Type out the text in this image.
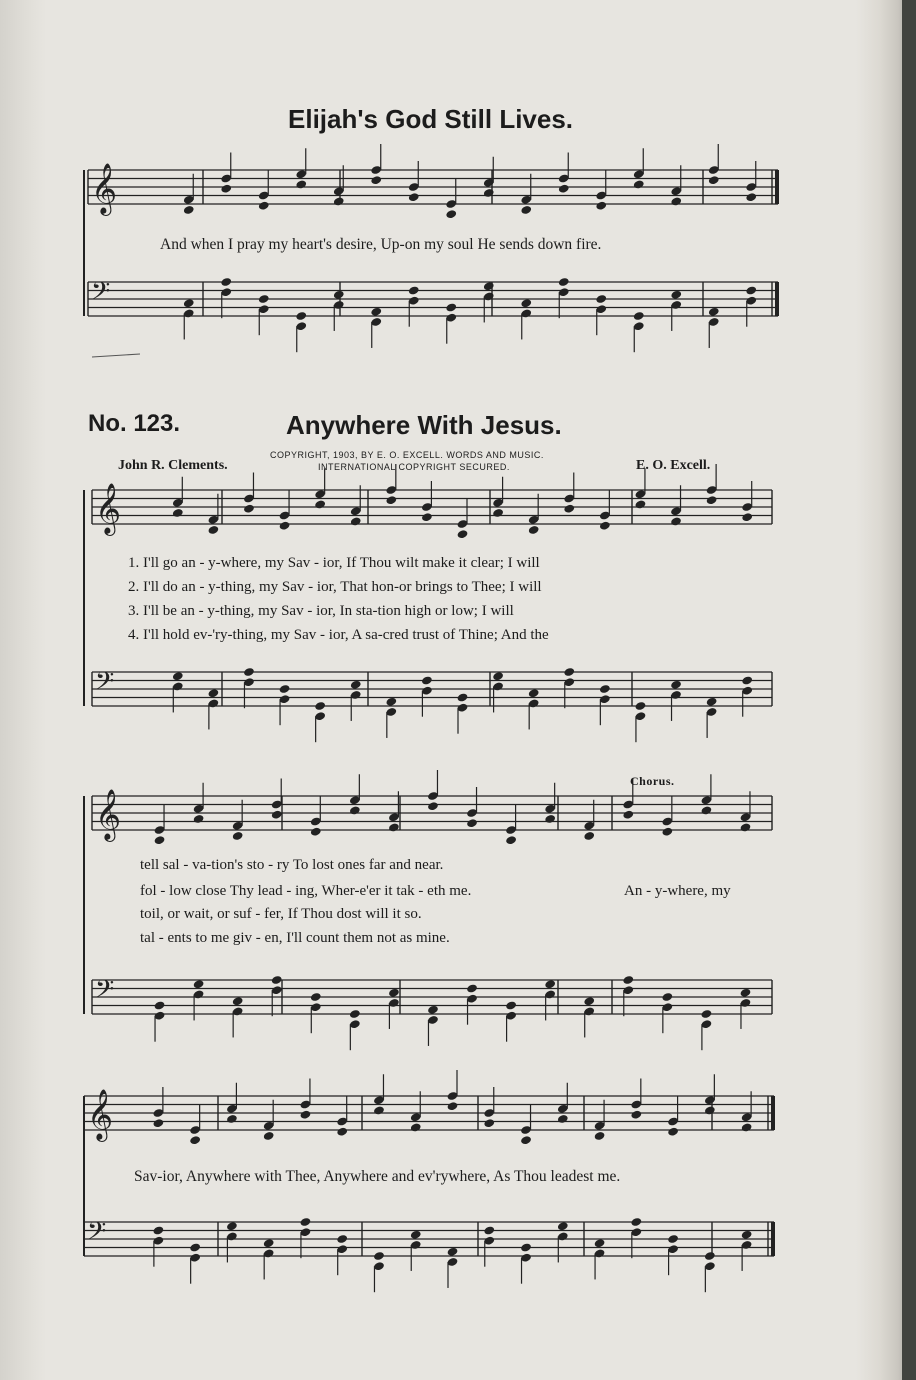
𝄞
𝄢
𝄞
𝄢
𝄞
𝄢
𝄞
𝄢
Elijah's God Still Lives.
And when I pray my heart's desire, Up-on my soul He sends down fire.
No. 123.	Anywhere With Jesus.
COPYRIGHT, 1903, BY E. O. EXCELL. WORDS AND MUSIC.
INTERNATIONAL COPYRIGHT SECURED.
John R. Clements.	E. O. Excell.
1. I'll go an - y-where, my Sav - ior, If Thou wilt make it clear; I will
2. I'll do an - y-thing, my Sav - ior, That hon-or brings to Thee; I will
3. I'll be an - y-thing, my Sav - ior, In sta-tion high or low; I will
4. I'll hold ev-'ry-thing, my Sav - ior, A sa-cred trust of Thine; And the
Chorus.
tell sal - va-tion's sto - ry To lost ones far and near.
fol - low close Thy lead - ing, Wher-e'er it tak - eth me.	An - y-where, my
toil, or wait, or suf - fer, If Thou dost will it so.
tal - ents to me giv - en, I'll count them not as mine.
Sav-ior, Anywhere with Thee, Anywhere and ev'rywhere, As Thou leadest me.
